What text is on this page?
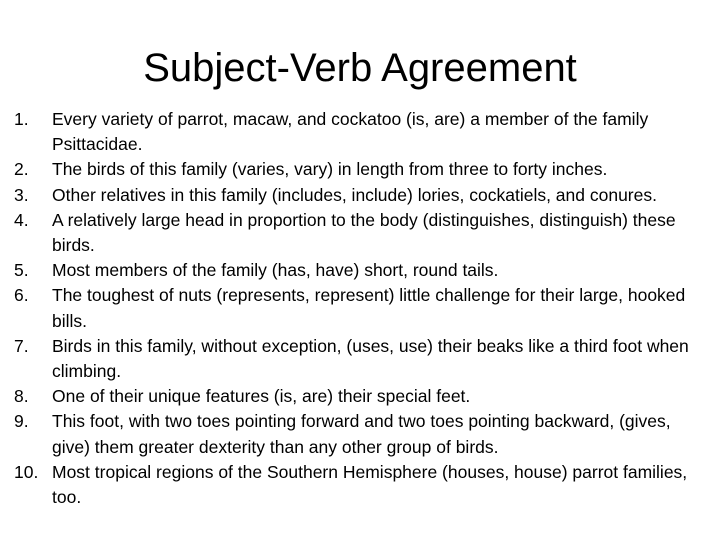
Subject-Verb Agreement
1.	Every variety of parrot, macaw, and cockatoo (is, are) a member of the family Psittacidae.
2.	The birds of this family (varies, vary) in length from three to forty inches.
3.	Other relatives in this family (includes, include) lories, cockatiels, and conures.
4.	A relatively large head in proportion to the body (distinguishes, distinguish) these birds.
5.	Most members of the family (has, have) short, round tails.
6.	The toughest of nuts (represents, represent) little challenge for their large, hooked bills.
7.	Birds in this family, without exception, (uses, use) their beaks like a third foot when climbing.
8.	One of their unique features (is, are) their special feet.
9.	This foot, with two toes pointing forward and two toes pointing backward, (gives, give) them greater dexterity than any other group of birds.
10. Most tropical regions of the Southern Hemisphere (houses, house) parrot families, too.
